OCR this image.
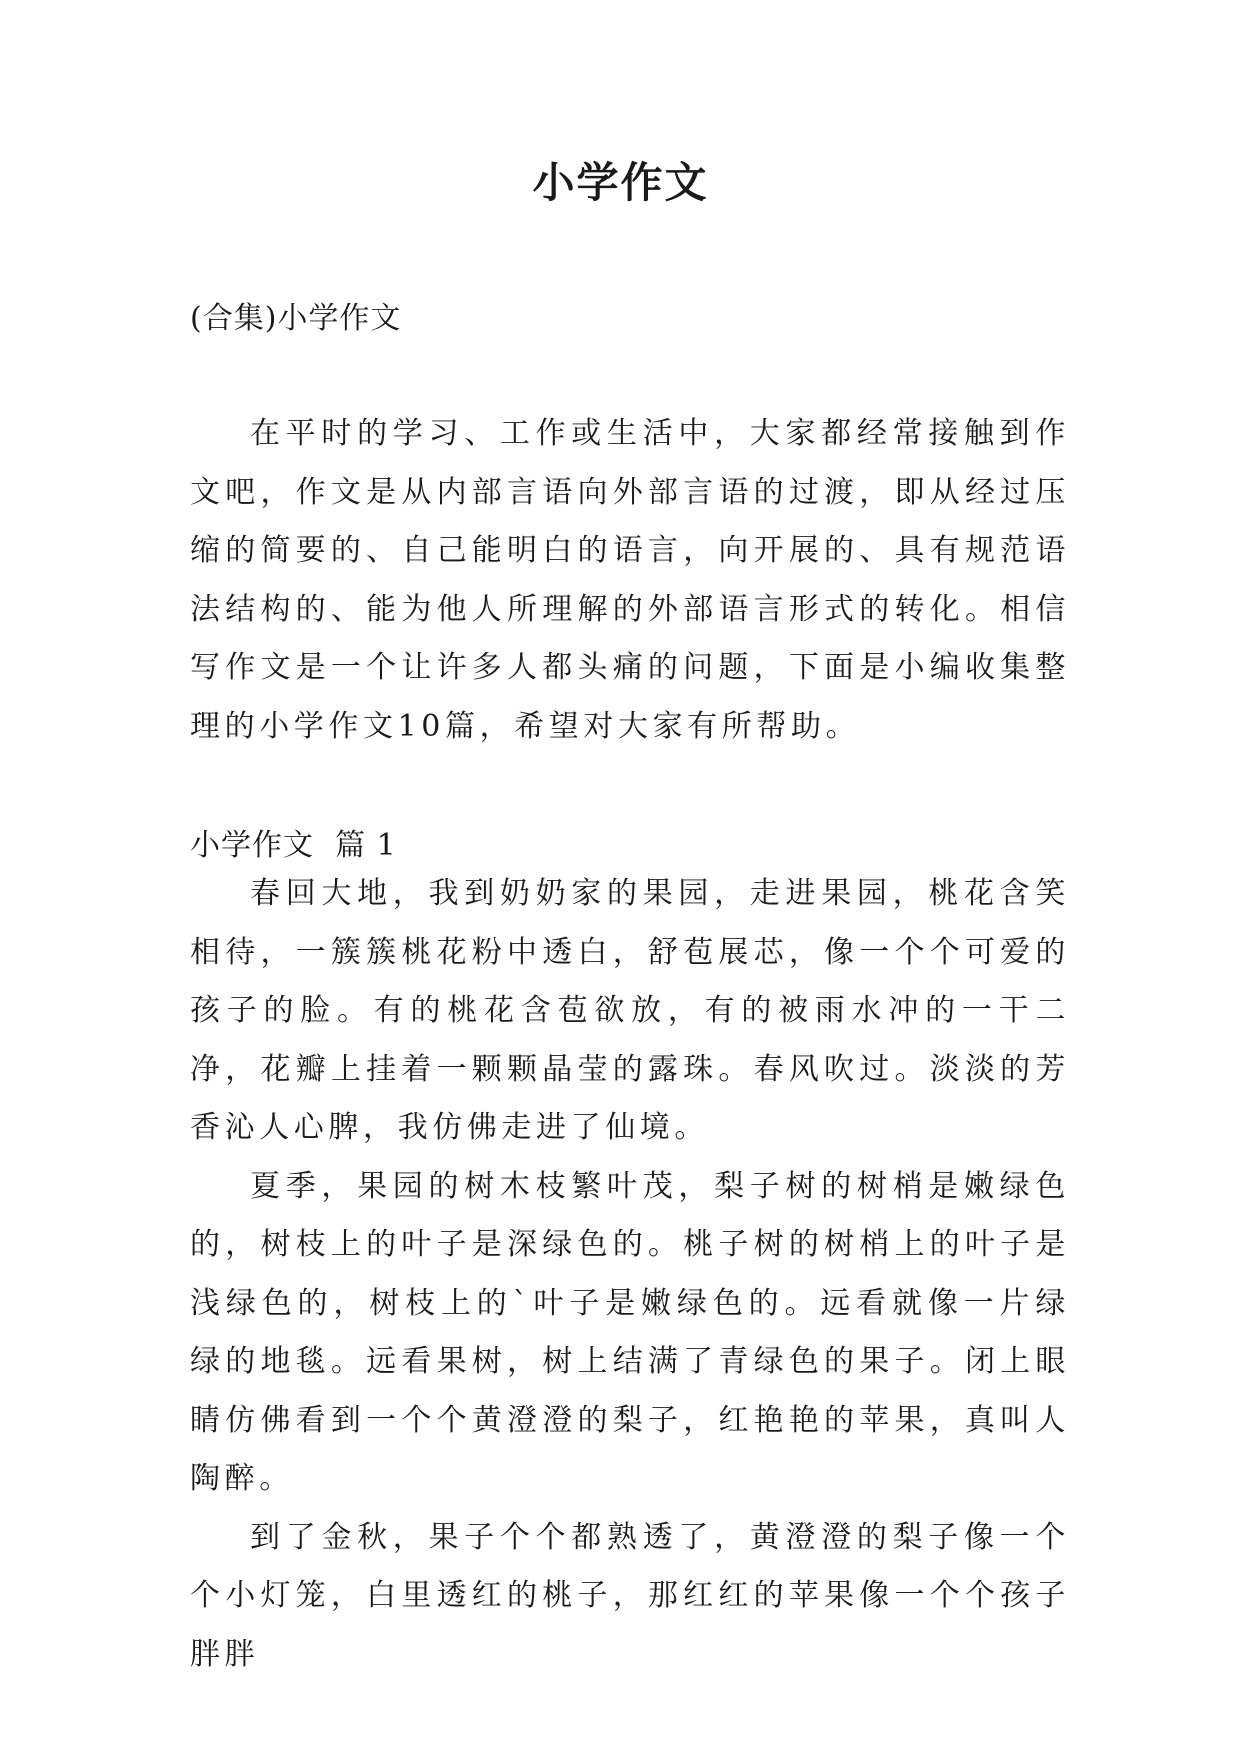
小学作文

(合集)小学作文

在平时的学习、工作或生活中，大家都经常接触到作文吧，作文是从内部言语向外部言语的过渡，即从经过压缩的简要的、自己能明白的语言，向开展的、具有规范语法结构的、能为他人所理解的外部语言形式的转化。相信写作文是一个让许多人都头痛的问题，下面是小编收集整理的小学作文10篇，希望对大家有所帮助。

小学作文  篇 1

春回大地，我到奶奶家的果园，走进果园，桃花含笑相待，一簇簇桃花粉中透白，舒苞展芯，像一个个可爱的孩子的脸。有的桃花含苞欲放，有的被雨水冲的一干二净，花瓣上挂着一颗颗晶莹的露珠。春风吹过。淡淡的芳香沁人心脾，我仿佛走进了仙境。

夏季，果园的树木枝繁叶茂，梨子树的树梢是嫩绿色的，树枝上的叶子是深绿色的。桃子树的树梢上的叶子是浅绿色的，树枝上的`叶子是嫩绿色的。远看就像一片绿绿的地毯。远看果树，树上结满了青绿色的果子。闭上眼睛仿佛看到一个个黄澄澄的梨子，红艳艳的苹果，真叫人陶醉。

到了金秋，果子个个都熟透了，黄澄澄的梨子像一个个小灯笼，白里透红的桃子，那红红的苹果像一个个孩子胖胖
